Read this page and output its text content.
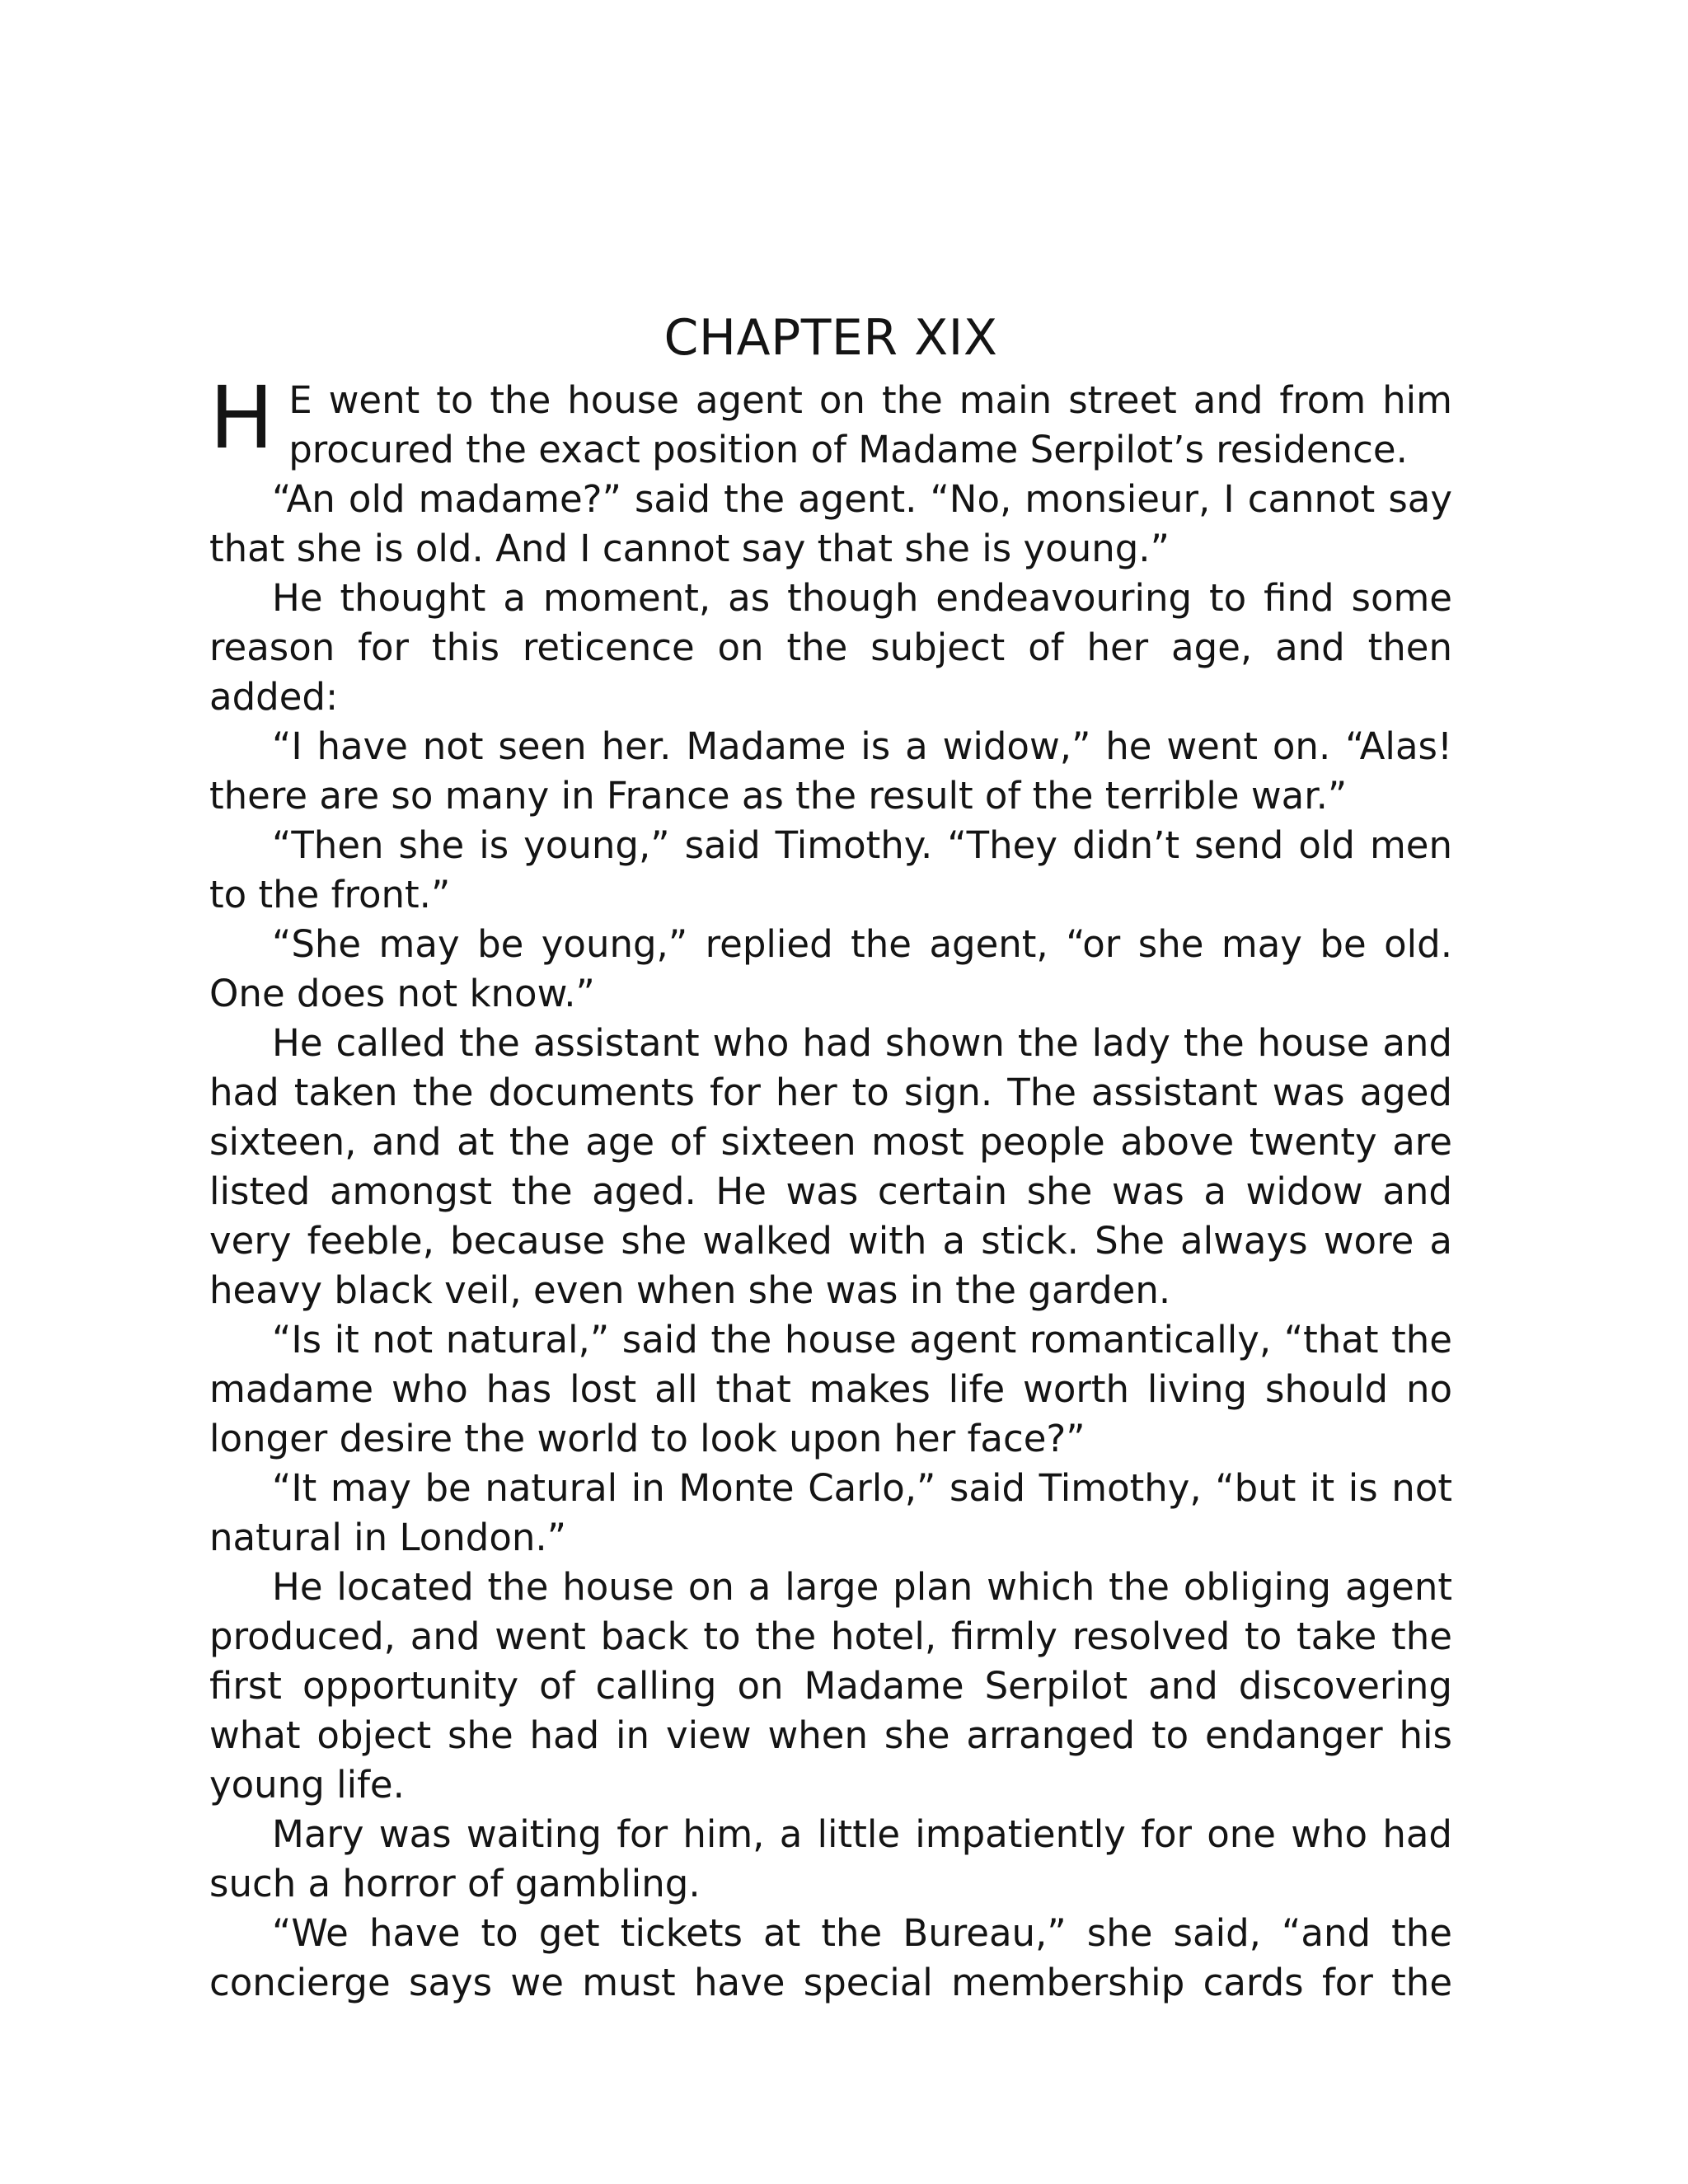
CHAPTER XIX

H E went to the house agent on the main street and from him procured the exact position of Madame Serpilot’s residence.

“An old madame?” said the agent. “No, monsieur, I cannot say that she is old. And I cannot say that she is young.”

He thought a moment, as though endeavouring to find some reason for this reticence on the subject of her age, and then added:

“I have not seen her. Madame is a widow,” he went on. “Alas! there are so many in France as the result of the terrible war.”

“Then she is young,” said Timothy. “They didn’t send old men to the front.”

“She may be young,” replied the agent, “or she may be old. One does not know.”

He called the assistant who had shown the lady the house and had taken the documents for her to sign. The assistant was aged sixteen, and at the age of sixteen most people above twenty are listed amongst the aged. He was certain she was a widow and very feeble, because she walked with a stick. She always wore a heavy black veil, even when she was in the garden.

“Is it not natural,” said the house agent romantically, “that the madame who has lost all that makes life worth living should no longer desire the world to look upon her face?”

“It may be natural in Monte Carlo,” said Timothy, “but it is not natural in London.”

He located the house on a large plan which the obliging agent produced, and went back to the hotel, firmly resolved to take the first opportunity of calling on Madame Serpilot and discovering what object she had in view when she arranged to endanger his young life.

Mary was waiting for him, a little impatiently for one who had such a horror of gambling.

“We have to get tickets at the Bureau,” she said, “and the concierge says we must have special membership cards for the
